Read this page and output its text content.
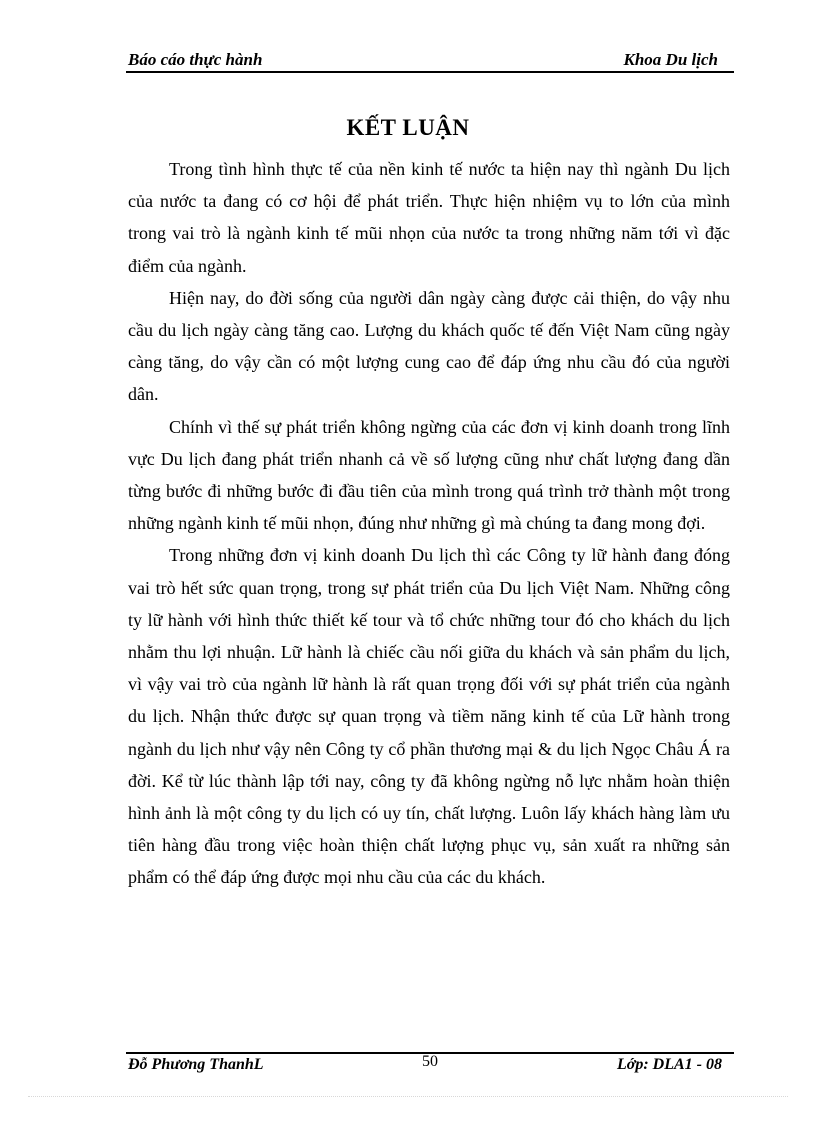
Báo cáo thực hành	Khoa Du lịch
KẾT LUẬN

Trong tình hình thực tế của nền kinh tế nước ta hiện nay thì ngành Du lịch của nước ta đang có cơ hội để phát triển. Thực hiện nhiệm vụ to lớn của mình trong vai trò là ngành kinh tế mũi nhọn của nước ta trong những năm tới vì đặc điểm của ngành.

Hiện nay, do đời sống của người dân ngày càng được cải thiện, do vậy nhu cầu du lịch ngày càng tăng cao. Lượng du khách quốc tế đến Việt Nam cũng ngày càng tăng, do vậy cần có một lượng cung cao để đáp ứng nhu cầu đó của người dân.

Chính vì thế sự phát triển không ngừng của các đơn vị kinh doanh trong lĩnh vực Du lịch đang phát triển nhanh cả về số lượng cũng như chất lượng đang dần từng bước đi những bước đi đầu tiên của mình trong quá trình trở thành một trong những ngành kinh tế mũi nhọn, đúng như những gì mà chúng ta đang mong đợi.

Trong những đơn vị kinh doanh Du lịch thì các Công ty lữ hành đang đóng vai trò hết sức quan trọng, trong sự phát triển của Du lịch Việt Nam. Những công ty lữ hành với hình thức thiết kế tour và tổ chức những tour đó cho khách du lịch nhằm thu lợi nhuận. Lữ hành là chiếc cầu nối giữa du khách và sản phẩm du lịch, vì vậy vai trò của ngành lữ hành là rất quan trọng đối với sự phát triển của ngành du lịch. Nhận thức được sự quan trọng và tiềm năng kinh tế của Lữ hành trong ngành du lịch như vậy nên Công ty cổ phần thương mại & du lịch Ngọc Châu Á ra đời. Kể từ lúc thành lập tới nay, công ty đã không ngừng nỗ lực nhằm hoàn thiện hình ảnh là một công ty du lịch có uy tín, chất lượng. Luôn lấy khách hàng làm ưu tiên hàng đầu trong việc hoàn thiện chất lượng phục vụ, sản xuất ra những sản phẩm có thể đáp ứng được mọi nhu cầu của các du khách.

Đỗ Phương ThanhL	50	Lớp: DLA1 - 08
